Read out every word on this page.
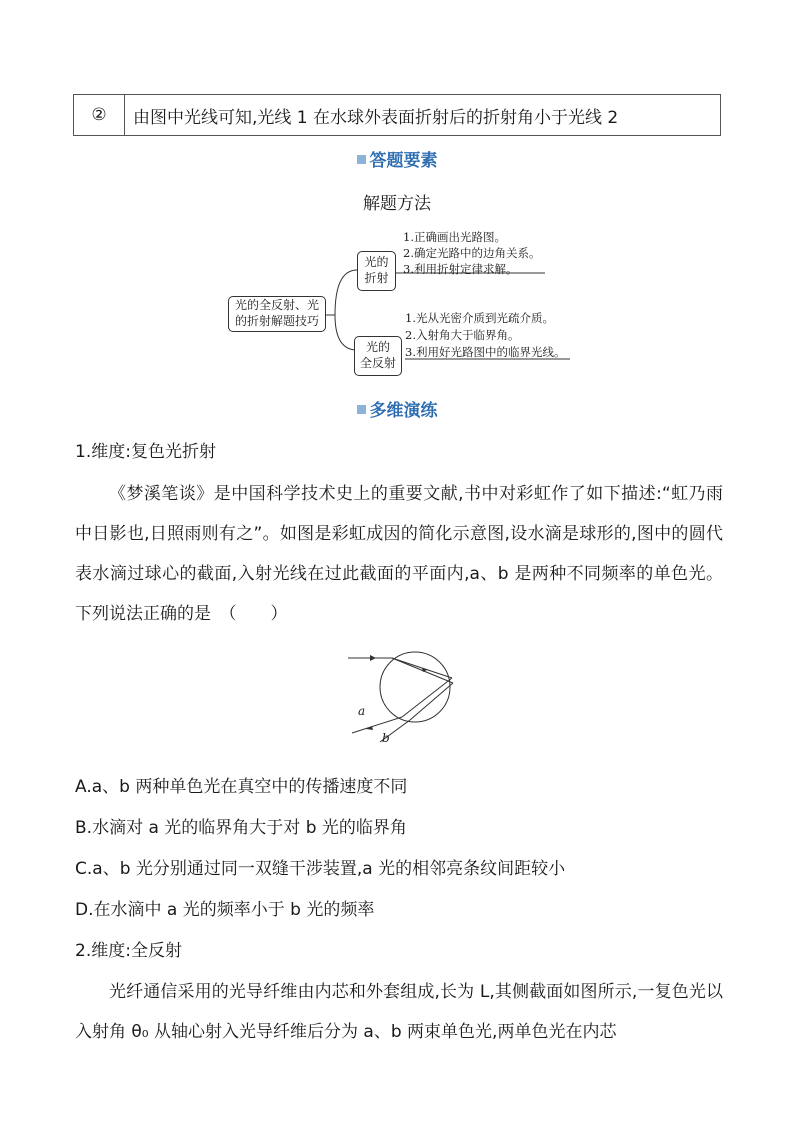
②	由图中光线可知,光线 1 在水球外表面折射后的折射角小于光线 2
答题要素
解题方法
光的全反射、光
的折射解题技巧
光的
折射
1.正确画出光路图。
2.确定光路中的边角关系。
3.利用折射定律求解。
光的
全反射
1.光从光密介质到光疏介质。
2.入射角大于临界角。
3.利用好光路图中的临界光线。
多维演练
1.维度:复色光折射
《梦溪笔谈》是中国科学技术史上的重要文献,书中对彩虹作了如下描述:“虹乃雨中日影也,日照雨则有之”。如图是彩虹成因的简化示意图,设水滴是球形的,图中的圆代表水滴过球心的截面,入射光线在过此截面的平面内,a、b 是两种不同频率的单色光。下列说法正确的是　（　　）
a
b
A.a、b 两种单色光在真空中的传播速度不同
B.水滴对 a 光的临界角大于对 b 光的临界角
C.a、b 光分别通过同一双缝干涉装置,a 光的相邻亮条纹间距较小
D.在水滴中 a 光的频率小于 b 光的频率
2.维度:全反射
光纤通信采用的光导纤维由内芯和外套组成,长为 L,其侧截面如图所示,一复色光以入射角 θ₀ 从轴心射入光导纤维后分为 a、b 两束单色光,两单色光在内芯
